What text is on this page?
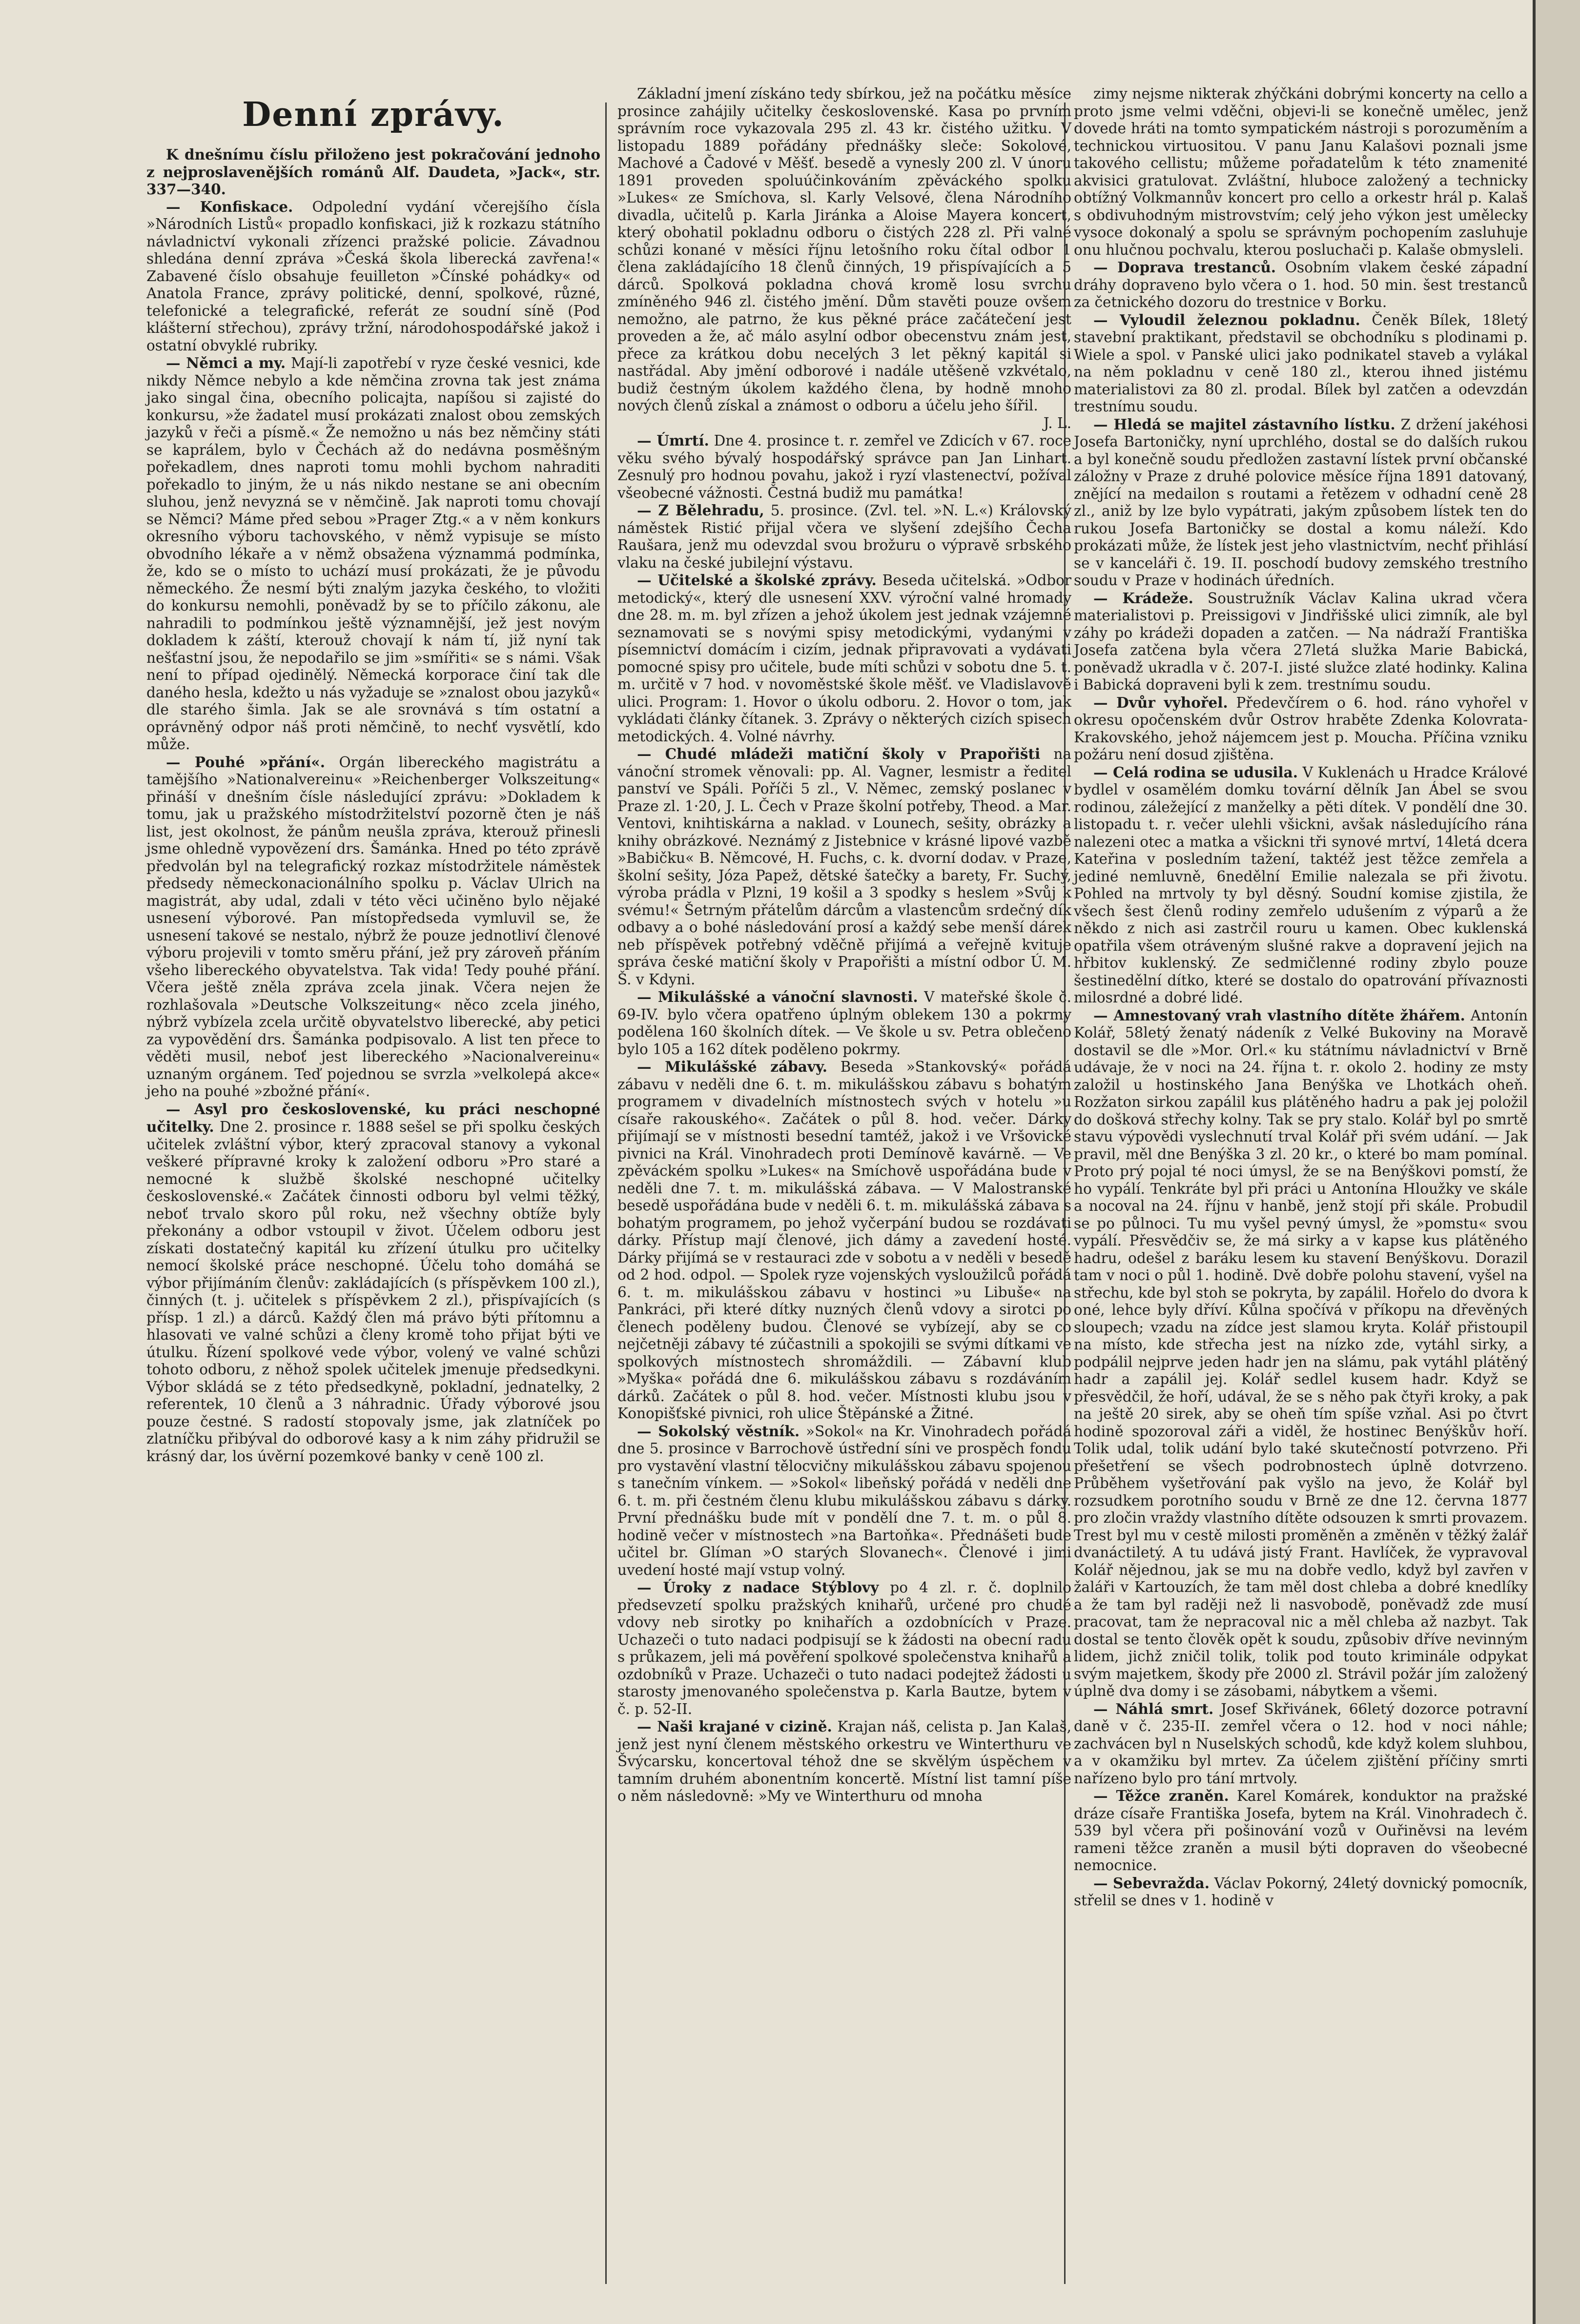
Denní zprávy.

K dnešnímu číslu přiloženo jest pokračování jednoho z nejproslavenějších románů Alf. Daudeta, »Jack«, str. 337—340.

— Konfiskace. Odpolední vydání včerejšího čísla »Národních Listů« propadlo konfiskaci, již k rozkazu státního návladnictví vykonali zřízenci pražské policie. Závadnou shledána denní zpráva »Česká škola liberecká zavřena!« Zabavené číslo obsahuje feuilleton »Čínské pohádky« od Anatola France, zprávy politické, denní, spolkové, různé, telefonické a telegrafické, referát ze soudní síně (Pod klášterní střechou), zprávy tržní, národohospodářské jakož i ostatní obvyklé rubriky.

— Němci a my. Mají-li zapotřebí v ryze české vesnici, kde nikdy Němce nebylo a kde němčina zrovna tak jest známa jako singal čina, obecního policajta, napíšou si zajisté do konkursu, »že žadatel musí prokázati znalost obou zemských jazyků v řeči a písmě.« Že nemožno u nás bez němčiny státi se kaprálem, bylo v Čechách až do nedávna posměšným pořekadlem, dnes naproti tomu mohli bychom nahraditi pořekadlo to jiným, že u nás nikdo nestane se ani obecním sluhou, jenž nevyzná se v němčině. Jak naproti tomu chovají se Němci? Máme před sebou »Prager Ztg.« a v něm konkurs okresního výboru tachovského, v němž vypisuje se místo obvodního lékaře a v němž obsažena význammá podmínka, že, kdo se o místo to uchází musí prokázati, že je původu německého. Že nesmí býti znalým jazyka českého, to vložiti do konkursu nemohli, poněvadž by se to příčilo zákonu, ale nahradili to podmínkou ještě významnější, jež jest novým dokladem k záští, kterouž chovají k nám tí, již nyní tak nešťastní jsou, že nepodařilo se jim »smířiti« se s námi. Však není to případ ojedinělý. Německá korporace činí tak dle daného hesla, kdežto u nás vyžaduje se »znalost obou jazyků« dle starého šimla. Jak se ale srovnává s tím ostatní a oprávněný odpor náš proti němčině, to nechť vysvětlí, kdo může.

— Pouhé »přání«. Orgán libereckého magistrátu a tamějšího »Nationalvereinu« »Reichenberger Volkszeitung« přináší v dnešním čísle následující zprávu: »Dokladem k tomu, jak u pražského místodržitelství pozorně čten je náš list, jest okolnost, že pánům neušla zpráva, kterouž přinesli jsme ohledně vypovězení drs. Šamánka. Hned po této zprávě předvolán byl na telegrafický rozkaz místodržitele náměstek předsedy německonacionálního spolku p. Václav Ulrich na magistrát, aby udal, zdali v této věci učiněno bylo nějaké usnesení výborové. Pan místopředseda vymluvil se, že usnesení takové se nestalo, nýbrž že pouze jednotliví členové výboru projevili v tomto směru přání, jež pry zároveň přáním všeho libereckého obyvatelstva. Tak vida! Tedy pouhé přání. Včera ještě zněla zpráva zcela jinak. Včera nejen že rozhlašovala »Deutsche Volkszeitung« něco zcela jiného, nýbrž vybízela zcela určitě obyvatelstvo liberecké, aby petici za vypovědění drs. Šamánka podpisovalo. A list ten přece to věděti musil, neboť jest libereckého »Nacionalvereinu« uznaným orgánem. Teď pojednou se svrzla »velkolepá akce« jeho na pouhé »zbožné přání«.

— Asyl pro československé, ku práci neschopné učitelky. Dne 2. prosince r. 1888 sešel se při spolku českých učitelek zvláštní výbor, který zpracoval stanovy a vykonal veškeré přípravné kroky k založení odboru »Pro staré a nemocné k službě školské neschopné učitelky československé.« Začátek činnosti odboru byl velmi těžký, neboť trvalo skoro půl roku, než všechny obtíže byly překonány a odbor vstoupil v život. Účelem odboru jest získati dostatečný kapitál ku zřízení útulku pro učitelky nemocí školské práce neschopné. Účelu toho domáhá se výbor přijímáním členův: zakládajících (s příspěvkem 100 zl.), činných (t. j. učitelek s příspěvkem 2 zl.), přispívajících (s přísp. 1 zl.) a dárců. Každý člen má právo býti přítomnu a hlasovati ve valné schůzi a členy kromě toho přijat býti ve útulku. Řízení spolkové vede výbor, volený ve valné schůzi tohoto odboru, z něhož spolek učitelek jmenuje předsedkyni. Výbor skládá se z této předsedkyně, pokladní, jednatelky, 2 referentek, 10 členů a 3 náhradnic. Úřady výborové jsou pouze čestné. S radostí stopovaly jsme, jak zlatníček po zlatníčku přibýval do odborové kasy a k nim záhy přidružil se krásný dar, los úvěrní pozemkové banky v ceně 100 zl.

Základní jmení získáno tedy sbírkou, jež na počátku měsíce prosince zahájily učitelky československé. Kasa po prvním správním roce vykazovala 295 zl. 43 kr. čistého užitku. V listopadu 1889 pořádány přednášky sleče: Sokolové, Machové a Čadové v Měšť. besedě a vynesly 200 zl. V únoru 1891 proveden spoluúčinkováním zpěváckého spolku »Lukes« ze Smíchova, sl. Karly Velsové, člena Národního divadla, učitelů p. Karla Jiránka a Aloise Mayera koncert, který obohatil pokladnu odboru o čistých 228 zl. Při valné schůzi konané v měsíci říjnu letošního roku čítal odbor 1 člena zakládajícího 18 členů činných, 19 přispívajících a 5 dárců. Spolková pokladna chová kromě losu svrchu zmíněného 946 zl. čistého jmění. Dům stavěti pouze ovšem nemožno, ale patrno, že kus pěkné práce začátečení jest proveden a že, ač málo asylní odbor obecenstvu znám jest, přece za krátkou dobu necelých 3 let pěkný kapitál si nastřádal. Aby jmění odborové i nadále utěšeně vzkvétalo, budiž čestným úkolem každého člena, by hodně mnoho nových členů získal a známost o odboru a účelu jeho šířil.

J. L.

— Úmrtí. Dne 4. prosince t. r. zemřel ve Zdicích v 67. roce věku svého bývalý hospodářský správce pan Jan Linhart. Zesnulý pro hodnou povahu, jakož i ryzí vlastenectví, požíval všeobecné vážnosti. Čestná budiž mu památka!

— Z Bělehradu, 5. prosince. (Zvl. tel. »N. L.«) Královský náměstek Ristić přijal včera ve slyšení zdejšího Čecha Raušara, jenž mu odevzdal svou brožuru o výpravě srbského vlaku na české jubilejní výstavu.

— Učitelské a školské zprávy. Beseda učitelská. »Odbor metodický«, který dle usnesení XXV. výroční valné hromady dne 28. m. m. byl zřízen a jehož úkolem jest jednak vzájemné seznamovati se s novými spisy metodickými, vydanými v písemnictví domácím i cizím, jednak připravovati a vydávati pomocné spisy pro učitele, bude míti schůzi v sobotu dne 5. t. m. určitě v 7 hod. v novoměstské škole měšť. ve Vladislavově ulici. Program: 1. Hovor o úkolu odboru. 2. Hovor o tom, jak vykládati články čítanek. 3. Zprávy o některých cizích spisech metodických. 4. Volné návrhy.

— Chudé mládeži matiční školy v Prapořišti na vánoční stromek věnovali: pp. Al. Vagner, lesmistr a ředitel panství ve Spáli. Poříči 5 zl., V. Němec, zemský poslanec v Praze zl. 1·20, J. L. Čech v Praze školní potřeby, Theod. a Mar. Ventovi, knihtiskárna a naklad. v Lounech, sešity, obrázky a knihy obrázkové. Neznámý z Jistebnice v krásné lipové vazbě »Babičku« B. Němcové, H. Fuchs, c. k. dvorní dodav. v Praze, školní sešity, Józa Papež, dětské šatečky a barety, Fr. Suchý, výroba prádla v Plzni, 19 košil a 3 spodky s heslem »Svůj k svému!« Šetrným přátelům dárcům a vlastencům srdečný dík odbavy a o bohé následování prosí a každý sebe menší dárek neb příspěvek potřebný vděčně přijímá a veřejně kvituje správa české matiční školy v Prapořišti a místní odbor Ú. M. Š. v Kdyni.

— Mikulášské a vánoční slavnosti. V mateřské škole č. 69-IV. bylo včera opatřeno úplným oblekem 130 a pokrmy podělena 160 školních dítek. — Ve škole u sv. Petra oblečeno bylo 105 a 162 dítek poděleno pokrmy.

— Mikulášské zábavy. Beseda »Stankovský« pořádá zábavu v neděli dne 6. t. m. mikulášskou zábavu s bohatým programem v divadelních místnostech svých v hotelu »u císaře rakouského«. Začátek o půl 8. hod. večer. Dárky přijímají se v místnosti besední tamtéž, jakož i ve Vršovické pivnici na Král. Vinohradech proti Demínově kavárně. — Ve zpěváckém spolku »Lukes« na Smíchově uspořádána bude v neděli dne 7. t. m. mikulášská zábava. — V Malostranské besedě uspořádána bude v neděli 6. t. m. mikulášská zábava s bohatým programem, po jehož vyčerpání budou se rozdávati dárky. Přístup mají členové, jich dámy a zavedení hosté. Dárky přijímá se v restauraci zde v sobotu a v neděli v besedě od 2 hod. odpol. — Spolek ryze vojenských vysloužilců pořádá 6. t. m. mikulášskou zábavu v hostinci »u Libuše« na Pankráci, při které dítky nuzných členů vdovy a sirotci po členech poděleny budou. Členové se vybízejí, aby se co nejčetněji zábavy té zúčastnili a spokojili se svými dítkami ve spolkových místnostech shromáždili. — Zábavní klub »Myška« pořádá dne 6. mikulášskou zábavu s rozdáváním dárků. Začátek o půl 8. hod. večer. Místnosti klubu jsou v Konopišťské pivnici, roh ulice Štěpánské a Žitné.

— Sokolský věstník. »Sokol« na Kr. Vinohradech pořádá dne 5. prosince v Barrochově ústřední síni ve prospěch fondu pro vystavění vlastní tělocvičny mikulášskou zábavu spojenou s tanečním vínkem. — »Sokol« libeňský pořádá v neděli dne 6. t. m. při čestném členu klubu mikulášskou zábavu s dárky. První přednášku bude mít v pondělí dne 7. t. m. o půl 8. hodině večer v místnostech »na Bartoňka«. Přednášeti bude učitel br. Glíman »O starých Slovanech«. Členové i jimi uvedení hosté mají vstup volný.

— Úroky z nadace Stýblovy po 4 zl. r. č. doplnilo předsevzetí spolku pražských knihařů, určené pro chudé vdovy neb sirotky po knihařích a ozdobnících v Praze. Uchazeči o tuto nadaci podpisují se k žádosti na obecní radu s průkazem, jeli má pověření spolkové společenstva knihařů a ozdobníků v Praze. Uchazeči o tuto nadaci podejtež žádosti u starosty jmenovaného společenstva p. Karla Bautze, bytem v č. p. 52-II.

— Naši krajané v cizině. Krajan náš, celista p. Jan Kalaš, jenž jest nyní členem městského orkestru ve Winterthuru ve Švýcarsku, koncertoval téhož dne se skvělým úspěchem v tamním druhém abonentním koncertě. Místní list tamní píše o něm následovně: »My ve Winterthuru od mnoha

zimy nejsme nikterak zhýčkáni dobrými koncerty na cello a proto jsme velmi vděčni, objevi-li se konečně umělec, jenž dovede hráti na tomto sympatickém nástroji s porozuměním a technickou virtuositou. V panu Janu Kalašovi poznali jsme takového cellistu; můžeme pořadatelům k této znamenité akvisici gratulovat. Zvláštní, hluboce založený a technicky obtížný Volkmannův koncert pro cello a orkestr hrál p. Kalaš s obdivuhodným mistrovstvím; celý jeho výkon jest umělecky vysoce dokonalý a spolu se správným pochopením zasluhuje onu hlučnou pochvalu, kterou posluchači p. Kalaše obmysleli.

— Doprava trestanců. Osobním vlakem české západní dráhy dopraveno bylo včera o 1. hod. 50 min. šest trestanců za četnického dozoru do trestnice v Borku.

— Vyloudil železnou pokladnu. Čeněk Bílek, 18letý stavební praktikant, představil se obchodníku s plodinami p. Wiele a spol. v Panské ulici jako podnikatel staveb a vylákal na něm pokladnu v ceně 180 zl., kterou ihned jistému materialistovi za 80 zl. prodal. Bílek byl zatčen a odevzdán trestnímu soudu.

— Hledá se majitel zástavního lístku. Z držení jakéhosi Josefa Bartoničky, nyní uprchlého, dostal se do dalších rukou a byl konečně soudu předložen zastavní lístek první občanské záložny v Praze z druhé polovice měsíce října 1891 datovaný, znějící na medailon s routami a řetězem v odhadní ceně 28 zl., aniž by lze bylo vypátrati, jakým způsobem lístek ten do rukou Josefa Bartoničky se dostal a komu náleží. Kdo prokázati může, že lístek jest jeho vlastnictvím, nechť přihlásí se v kanceláři č. 19. II. poschodí budovy zemského trestního soudu v Praze v hodinách úředních.

— Krádeže. Soustružník Václav Kalina ukrad včera materialistovi p. Preissigovi v Jindřišské ulici zimník, ale byl záhy po krádeži dopaden a zatčen. — Na nádraží Františka Josefa zatčena byla včera 27letá služka Marie Babická, poněvadž ukradla v č. 207-I. jisté služce zlaté hodinky. Kalina i Babická dopraveni byli k zem. trestnímu soudu.

— Dvůr vyhořel. Předevčírem o 6. hod. ráno vyhořel v okresu opočenském dvůr Ostrov hraběte Zdenka Kolovrata-Krakovského, jehož nájemcem jest p. Moucha. Příčina vzniku požáru není dosud zjištěna.

— Celá rodina se udusila. V Kuklenách u Hradce Králové bydlel v osamělém domku tovární dělník Jan Ábel se svou rodinou, záležející z manželky a pěti dítek. V pondělí dne 30. listopadu t. r. večer ulehli všickni, avšak následujícího rána nalezeni otec a matka a všickni tři synové mrtví, 14letá dcera Kateřina v posledním tažení, taktéž jest těžce zemřela a jediné nemluvně, 6nedělní Emilie nalezala se při životu. Pohled na mrtvoly ty byl děsný. Soudní komise zjistila, že všech šest členů rodiny zemřelo udušením z výparů a že někdo z nich asi zastrčil rouru u kamen. Obec kuklenská opatřila všem otráveným slušné rakve a dopravení jejich na hřbitov kuklenský. Ze sedmičlenné rodiny zbylo pouze šestinedělní dítko, které se dostalo do opatrování přívaznosti milosrdné a dobré lidé.

— Amnestovaný vrah vlastního dítěte žhářem. Antonín Kolář, 58letý ženatý nádeník z Velké Bukoviny na Moravě dostavil se dle »Mor. Orl.« ku státnímu návladnictví v Brně udávaje, že v noci na 24. října t. r. okolo 2. hodiny ze msty založil u hostinského Jana Benýška ve Lhotkách oheň. Rozžaton sirkou zapálil kus plátěného hadru a pak jej položil do došková střechy kolny. Tak se pry stalo. Kolář byl po smrtě stavu výpovědi vyslechnutí trval Kolář při svém udání. — Jak pravil, měl dne Benýška 3 zl. 20 kr., o které bo mam pomínal. Proto prý pojal té noci úmysl, že se na Benýškovi pomstí, že ho vypálí. Tenkráte byl při práci u Antonína Hloužky ve skále a nocoval na 24. říjnu v hanbě, jenž stojí při skále. Probudil se po půlnoci. Tu mu vyšel pevný úmysl, že »pomstu« svou vypálí. Přesvědčiv se, že má sirky a v kapse kus plátěného hadru, odešel z baráku lesem ku stavení Benýškovu. Dorazil tam v noci o půl 1. hodině. Dvě dobře polohu stavení, vyšel na střechu, kde byl stoh se pokryta, by zapálil. Hořelo do dvora k oné, lehce byly dříví. Kůlna spočívá v příkopu na dřevěných sloupech; vzadu na zídce jest slamou kryta. Kolář přistoupil na místo, kde střecha jest na nízko zde, vytáhl sirky, a podpálil nejprve jeden hadr jen na slámu, pak vytáhl plátěný hadr a zapálil jej. Kolář sedlel kusem hadr. Když se přesvědčil, že hoří, udával, že se s něho pak čtyři kroky, a pak na ještě 20 sirek, aby se oheň tím spíše vzňal. Asi po čtvrt hodině spozoroval záři a viděl, že hostinec Benýškův hoří. Tolik udal, tolik udání bylo také skutečností potvrzeno. Při přešetření se všech podrobnostech úplně dotvrzeno. Průběhem vyšetřování pak vyšlo na jevo, že Kolář byl rozsudkem porotního soudu v Brně ze dne 12. června 1877 pro zločin vraždy vlastního dítěte odsouzen k smrti provazem. Trest byl mu v cestě milosti proměněn a změněn v těžký žalář dvanáctiletý. A tu udává jistý Frant. Havlíček, že vypravoval Kolář nějednou, jak se mu na dobře vedlo, když byl zavřen v žaláři v Kartouzích, že tam měl dost chleba a dobré knedlíky a že tam byl raději než li nasvobodě, poněvadž zde musí pracovat, tam že nepracoval nic a měl chleba až nazbyt. Tak dostal se tento člověk opět k soudu, způsobiv dříve nevinným lidem, jichž zničil tolik, tolik pod touto kriminále odpykat svým majetkem, škody pře 2000 zl. Strávil požár jím založený úplně dva domy i se zásobami, nábytkem a všemi.

— Náhlá smrt. Josef Skřivánek, 66letý dozorce potravní daně v č. 235-II. zemřel včera o 12. hod v noci náhle; zachvácen byl n Nuselských schodů, kde když kolem sluhbou, a v okamžiku byl mrtev. Za účelem zjištění příčiny smrti nařízeno bylo pro tání mrtvoly.

— Těžce zraněn. Karel Komárek, konduktor na pražské dráze císaře Františka Josefa, bytem na Král. Vinohradech č. 539 byl včera při pošinování vozů v Ouřiněvsi na levém rameni těžce zraněn a musil býti dopraven do všeobecné nemocnice.

— Sebevražda. Václav Pokorný, 24letý dovnický pomocník, střelil se dnes v 1. hodině v
